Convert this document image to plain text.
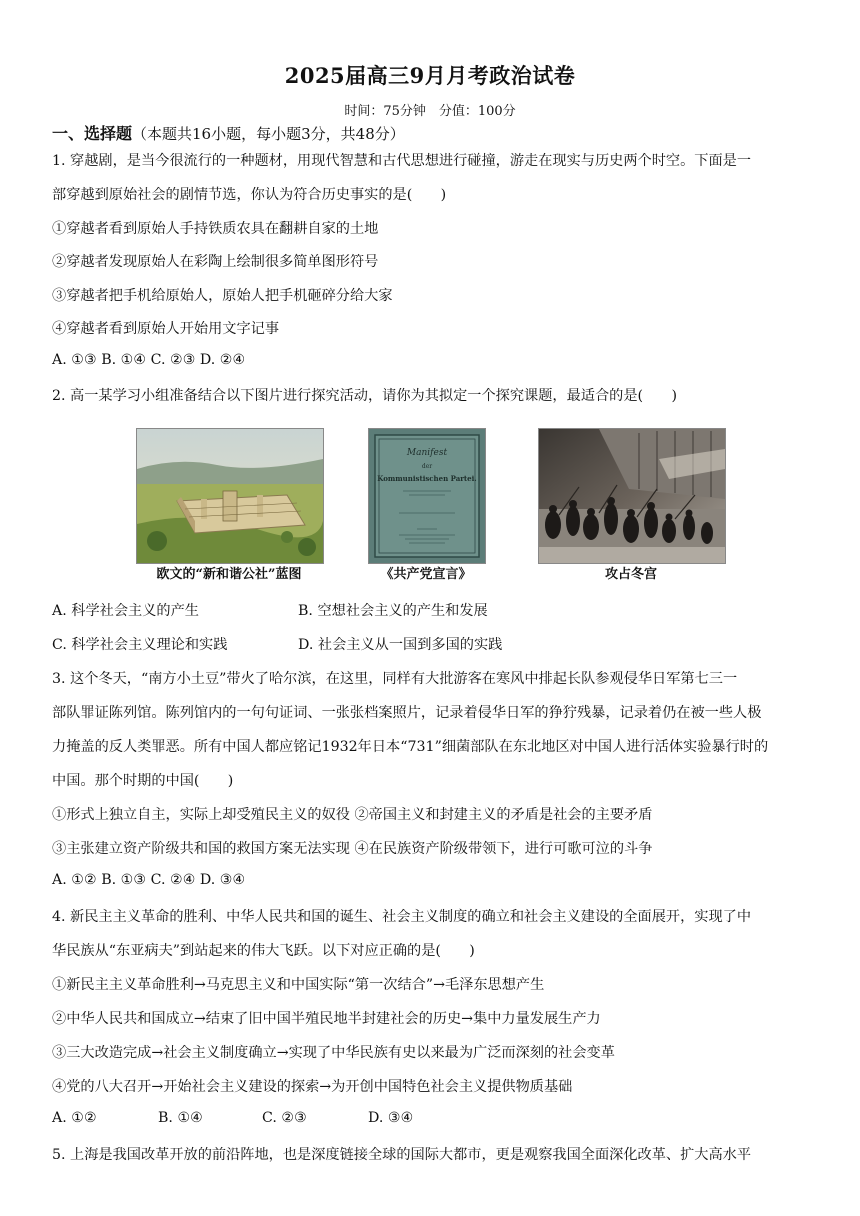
2025届高三9月月考政治试卷
时间：75分钟　分值：100分
一、选择题（本题共16小题，每小题3分，共48分）
1. 穿越剧，是当今很流行的一种题材，用现代智慧和古代思想进行碰撞，游走在现实与历史两个时空。下面是一
部穿越到原始社会的剧情节选，你认为符合历史事实的是(　　)
①穿越者看到原始人手持铁质农具在翻耕自家的土地
②穿越者发现原始人在彩陶上绘制很多简单图形符号
③穿越者把手机给原始人，原始人把手机砸碎分给大家
④穿越者看到原始人开始用文字记事
A. ①③ B. ①④ C. ②③ D. ②④
2. 高一某学习小组准备结合以下图片进行探究活动，请你为其拟定一个探究课题，最适合的是(　　)
欧文的“新和谐公社”蓝图
Manifest
der
Kommunistischen Partei.
《共产党宣言》	攻占冬宫
A. 科学社会主义的产生	B. 空想社会主义的产生和发展
C. 科学社会主义理论和实践	D. 社会主义从一国到多国的实践
3. 这个冬天，“南方小土豆”带火了哈尔滨，在这里，同样有大批游客在寒风中排起长队参观侵华日军第七三一
部队罪证陈列馆。陈列馆内的一句句证词、一张张档案照片，记录着侵华日军的狰狞残暴，记录着仍在被一些人极
力掩盖的反人类罪恶。所有中国人都应铭记1932年日本“731”细菌部队在东北地区对中国人进行活体实验暴行时的
中国。那个时期的中国(　　)
①形式上独立自主，实际上却受殖民主义的奴役 ②帝国主义和封建主义的矛盾是社会的主要矛盾
③主张建立资产阶级共和国的救国方案无法实现 ④在民族资产阶级带领下，进行可歌可泣的斗争
A. ①② B. ①③ C. ②④ D. ③④
4. 新民主主义革命的胜利、中华人民共和国的诞生、社会主义制度的确立和社会主义建设的全面展开，实现了中
华民族从“东亚病夫”到站起来的伟大飞跃。以下对应正确的是(　　)
①新民主主义革命胜利→马克思主义和中国实际“第一次结合”→毛泽东思想产生
②中华人民共和国成立→结束了旧中国半殖民地半封建社会的历史→集中力量发展生产力
③三大改造完成→社会主义制度确立→实现了中华民族有史以来最为广泛而深刻的社会变革
④党的八大召开→开始社会主义建设的探索→为开创中国特色社会主义提供物质基础
A. ①②	B. ①④	C. ②③	D. ③④
5. 上海是我国改革开放的前沿阵地，也是深度链接全球的国际大都市，更是观察我国全面深化改革、扩大高水平
